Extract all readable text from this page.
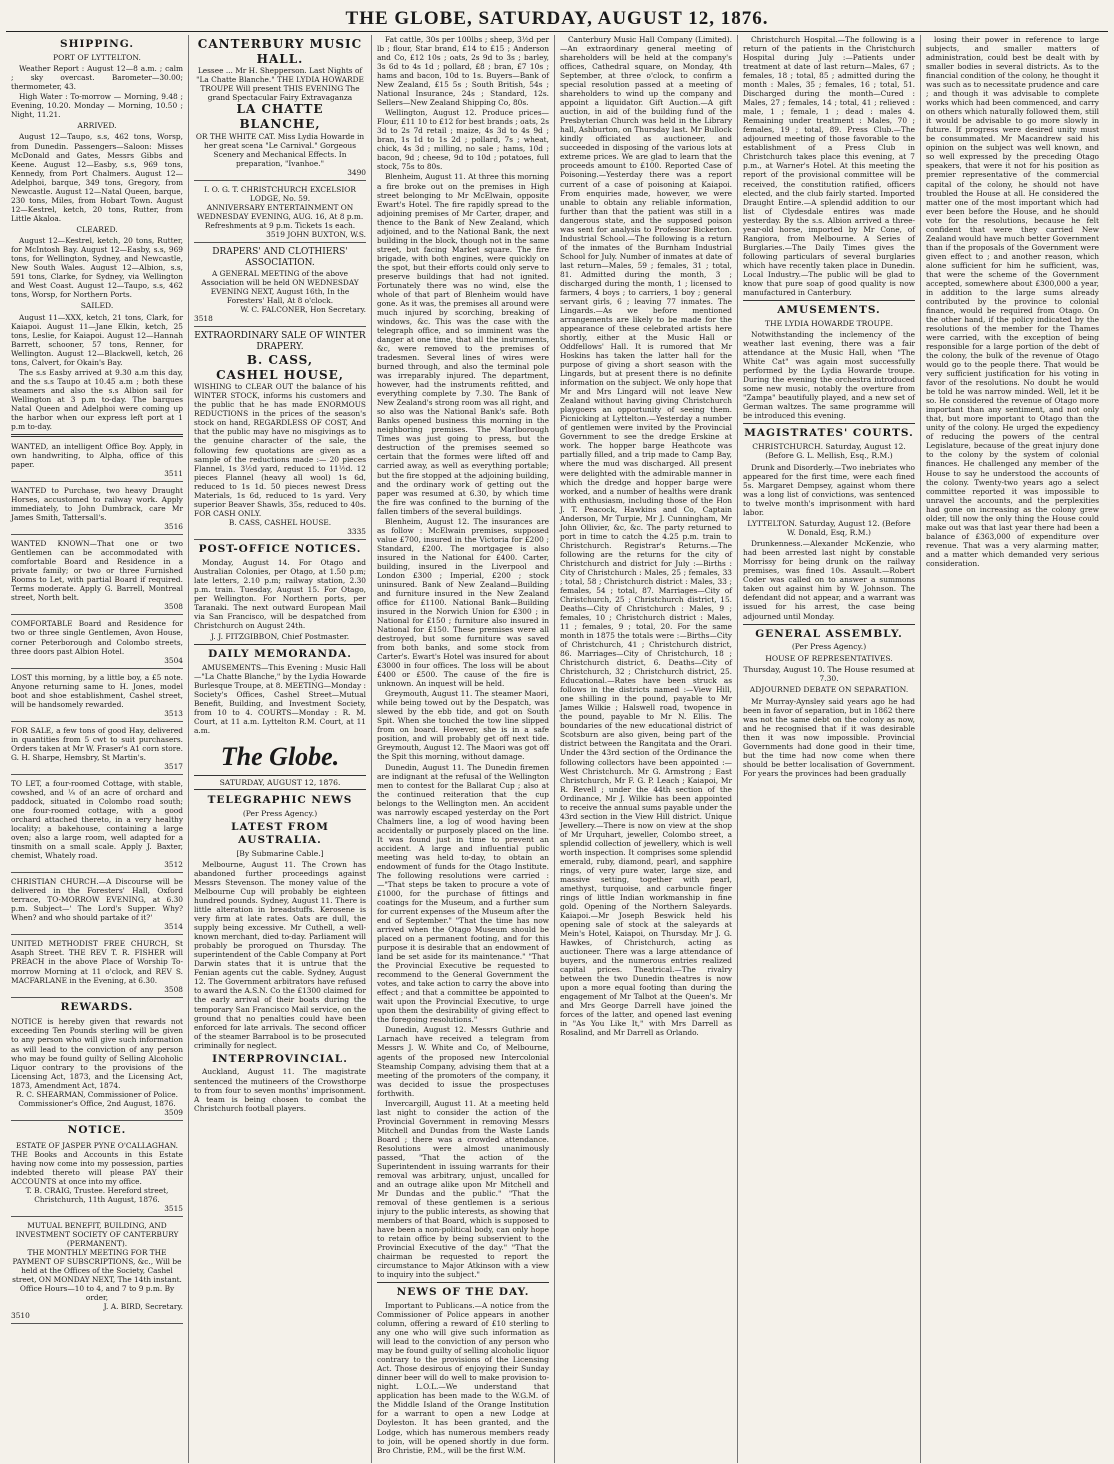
THE GLOBE, SATURDAY, AUGUST 12, 1876.
SHIPPING.
PORT OF LYTTELTON.

Weather Report : August 12—8 a.m. ; calm ; sky overcast. Barometer—30.00; thermometer, 43.

High Water : To-morrow — Morning, 9.48 ; Evening, 10.20. Monday — Morning, 10.50 ; Night, 11.21.

ARRIVED.

August 12—Taupo, s.s, 462 tons, Worsp, from Dunedin. Passengers—Saloon: Misses McDonald and Gates, Messrs Gibbs and Keene. August 12—Easby, s.s, 969 tons, Kennedy, from Port Chalmers. August 12—Adelphoi, barque, 349 tons, Gregory, from Newcastle. August 12—Natal Queen, barque, 230 tons, Miles, from Hobart Town. August 12—Kestrel, ketch, 20 tons, Rutter, from Little Akaloa.

CLEARED.

August 12—Kestrel, ketch, 20 tons, Rutter, for McIntosh Bay. August 12—Easby, s.s, 969 tons, for Wellington, Sydney, and Newcastle, New South Wales. August 12—Albion, s.s, 591 tons, Clarke, for Sydney, via Wellington and West Coast. August 12—Taupo, s.s, 462 tons, Worsp, for Northern Ports.

SAILED.

August 11—XXX, ketch, 21 tons, Clark, for Kaiapoi. August 11—Jane Elkin, ketch, 25 tons, Leslie, for Kaiapoi. August 12—Hannah Barrett, schooner, 57 tons, Renner, for Wellington. August 12—Blackwell, ketch, 26 tons, Calvert, for Okain's Bay.

The s.s Easby arrived at 9.30 a.m this day, and the s.s Taupo at 10.45 a.m ; both these steamers and also the s.s Albion sail for Wellington at 3 p.m to-day. The barques Natal Queen and Adelphoi were coming up the harbor when our express left port at 1 p.m to-day.

WANTED, an intelligent Office Boy. Apply, in own handwriting, to Alpha, office of this paper.
3511
WANTED to Purchase, two heavy Draught Horses, accustomed to railway work. Apply immediately, to John Dumbrack, care Mr James Smith, Tattersall's.
3516
WANTED KNOWN—That one or two Gentlemen can be accommodated with comfortable Board and Residence in a private family; or two or three Furnished Rooms to Let, with partial Board if required. Terms moderate. Apply G. Barrell, Montreal street, North belt.
3508
COMFORTABLE Board and Residence for two or three single Gentlemen, Avon House, corner Peterborough and Colombo streets, three doors past Albion Hotel.
3504
LOST this morning, by a little boy, a £5 note. Anyone returning same to H. Jones, model boot and shoe establishment, Cashel street, will be handsomely rewarded.
3513
FOR SALE, a few tons of good Hay, delivered in quantities from 5 cwt to suit purchasers. Orders taken at Mr W. Fraser's A1 corn store. G. H. Sharpe, Hemsbry, St Martin's.
3517
TO LET, a four-roomed Cottage, with stable, cowshed, and ¼ of an acre of orchard and paddock, situated in Colombo road south; one four-roomed cottage, with a good orchard attached thereto, in a very healthy locality; a bakehouse, containing a large oven; also a large room, well adapted for a tinsmith on a small scale. Apply J. Baxter, chemist, Whately road.
3512
CHRISTIAN CHURCH.—A Discourse will be delivered in the Foresters' Hall, Oxford terrace, TO-MORROW EVENING, at 6.30 p.m. Subject—' The Lord's Supper. Why? When? and who should partake of it?'
3514
UNITED METHODIST FREE CHURCH, St Asaph Street. THE REV T. R. FISHER will PREACH in the above Place of Worship To-morrow Morning at 11 o'clock, and REV S. MACFARLANE in the Evening, at 6.30.
3508
REWARDS.
NOTICE is hereby given that rewards not exceeding Ten Pounds sterling will be given to any person who will give such information as will lead to the conviction of any person who may be found guilty of Selling Alcoholic Liquor contrary to the provisions of the Licensing Act, 1873, and the Licensing Act, 1873, Amendment Act, 1874.
R. C. SHEARMAN, Commissioner of Police. Commissioner's Office, 2nd August, 1876.
3509
NOTICE.
ESTATE OF JASPER PYNE O'CALLAGHAN.
THE Books and Accounts in this Estate having now come into my possession, parties indebted thereto will please PAY their ACCOUNTS at once into my office.
T. B. CRAIG, Trustee. Hereford street, Christchurch, 11th August, 1876.
3515
MUTUAL BENEFIT, BUILDING, AND INVESTMENT SOCIETY OF CANTERBURY (PERMANENT).
THE MONTHLY MEETING FOR THE PAYMENT OF SUBSCRIPTIONS, &c., Will be held at the Offices of the Society, Cashel street, ON MONDAY NEXT, The 14th instant. Office Hours—10 to 4, and 7 to 9 p.m. By order,
J. A. BIRD, Secretary.
3510
CANTERBURY MUSIC HALL.
Lessee ... Mr H. Shepperson. Last Nights of "La Chatte Blanche." THE LYDIA HOWARDE TROUPE Will present THIS EVENING The grand Spectacular Fairy Extravaganza
LA CHATTE BLANCHE,
OR THE WHITE CAT. Miss Lydia Howarde in her great scena "Le Carnival." Gorgeous Scenery and Mechanical Effects. In preparation, "Ivanhoe."
3490
I. O. G. T. CHRISTCHURCH EXCELSIOR LODGE, No. 59.
ANNIVERSARY ENTERTAINMENT ON WEDNESDAY EVENING, AUG. 16, At 8 p.m. Refreshments at 9 p.m. Tickets 1s each.
3519 JOHN BUXTON, W.S.
DRAPERS' AND CLOTHIERS' ASSOCIATION.
A GENERAL MEETING of the above Association will be held ON WEDNESDAY EVENING NEXT, August 16th, In the Foresters' Hall, At 8 o'clock.
W. C. FALCONER, Hon Secretary.
3518
EXTRAORDINARY SALE OF WINTER DRAPERY.
B. CASS,
CASHEL HOUSE,
WISHING to CLEAR OUT the balance of his WINTER STOCK, informs his customers and the public that he has made ENORMOUS REDUCTIONS in the prices of the season's stock on hand, REGARDLESS OF COST, And that the public may have no misgivings as to the genuine character of the sale, the following few quotations are given as a sample of the reductions made :— 20 pieces Flannel, 1s 3½d yard, reduced to 11½d. 12 pieces Flannel (heavy all wool) 1s 6d, reduced to 1s 1d. 50 pieces newest Dress Materials, 1s 6d, reduced to 1s yard. Very superior Beaver Shawls, 35s, reduced to 40s. FOR CASH ONLY.
B. CASS, CASHEL HOUSE.
3335
POST-OFFICE NOTICES.

Monday, August 14. For Otago and Australian Colonies, per Otago, at 1.50 p.m; late letters, 2.10 p.m; railway station, 2.30 p.m. train. Tuesday, August 15. For Otago, per Wellington. For Northern ports, per Taranaki. The next outward European Mail via San Francisco, will be despatched from Christchurch on August 24th.

J. J. FITZGIBBON, Chief Postmaster.
DAILY MEMORANDA.

AMUSEMENTS—This Evening : Music Hall—"La Chatte Blanche," by the Lydia Howarde Burlesque Troupe, at 8. MEETING—Monday : Society's Offices, Cashel Street—Mutual Benefit, Building, and Investment Society, from 10 to 4. COURTS—Monday : R. M. Court, at 11 a.m. Lyttelton R.M. Court, at 11 a.m.

The Globe.
SATURDAY, AUGUST 12, 1876.
TELEGRAPHIC NEWS
(Per Press Agency.)
LATEST FROM AUSTRALIA.
[By Submarine Cable.]

Melbourne, August 11. The Crown has abandoned further proceedings against Messrs Stevenson. The money value of the Melbourne Cup will probably be eighteen hundred pounds. Sydney, August 11. There is little alteration in breadstuffs. Kerosene is very firm at late rates. Oats are dull, the supply being excessive. Mr Cuthell, a well-known merchant, died to-day. Parliament will probably be prorogued on Thursday. The superintendent of the Cable Company at Port Darwin states that it is untrue that the Fenian agents cut the cable. Sydney, August 12. The Government arbitrators have refused to award the A.S.N. Co the £1300 claimed for the early arrival of their boats during the temporary San Francisco Mail service, on the ground that no penalties could have been enforced for late arrivals. The second officer of the steamer Barrabool is to be prosecuted criminally for neglect.

INTERPROVINCIAL.

Auckland, August 11. The magistrate sentenced the mutineers of the Crowsthorpe to from four to seven months' imprisonment. A team is being chosen to combat the Christchurch football players.

Fat cattle, 30s per 100lbs ; sheep, 3½d per lb ; flour, Star brand, £14 to £15 ; Anderson and Co, £12 10s ; oats, 2s 9d to 3s ; barley, 3s 6d to 4s 1d ; pollard, £8 ; bran, £7 10s ; hams and bacon, 10d to 1s. Buyers—Bank of New Zealand, £15 5s ; South British, 54s ; National Insurance, 24s ; Standard, 12s. Sellers—New Zealand Shipping Co, 80s.

Wellington, August 12. Produce prices—Flour, £11 10 to £12 for best brands ; oats, 2s 3d to 2s 7d retail ; maize, 4s 3d to 4s 9d ; bran, 1s 1d to 1s 2d ; pollard, 7s ; wheat, chick, 4s 3d ; milling, no sale ; hams, 10d ; bacon, 9d ; cheese, 9d to 10d ; potatoes, full stock, 75s to 80s.

Blenheim, August 11. At three this morning a fire broke out on the premises in High street belonging to Mr McElwain, opposite Ewart's Hotel. The fire rapidly spread to the adjoining premises of Mr Carter, draper, and thence to the Bank of New Zealand, which adjoined, and to the National Bank, the next building in the block, though not in the same street, but facing Market square. The fire brigade, with both engines, were quickly on the spot, but their efforts could only serve to preserve buildings that had not ignited. Fortunately there was no wind, else the whole of that part of Blenheim would have gone. As it was, the premises all around were much injured by scorching, breaking of windows, &c. This was the case with the telegraph office, and so imminent was the danger at one time, that all the instruments, &c, were removed to the premises of tradesmen. Several lines of wires were burned through, and also the terminal pole was irreparably injured. The department, however, had the instruments refitted, and everything complete by 7.30. The Bank of New Zealand's strong room was all right, and so also was the National Bank's safe. Both Banks opened business this morning in the neighboring premises. The Marlborough Times was just going to press, but the destruction of the premises seemed so certain that the formes were lifted off and carried away, as well as everything portable; but the fire stopped at the adjoining building, and the ordinary work of getting out the paper was resumed at 6.30, by which time the fire was confined to the burning of the fallen timbers of the several buildings.

Blenheim, August 12. The insurances are as follow : McElwain premises, supposed value £700, insured in the Victoria for £200 ; Standard, £200. The mortgagee is also insured in the National for £400. Carter, building, insured in the Liverpool and London £300 ; Imperial, £200 ; stock uninsured. Bank of New Zealand—Building and furniture insured in the New Zealand office for £1100. National Bank—Building insured in the Norwich Union for £300 ; in National for £150 ; furniture also insured in National for £150. These premises were all destroyed, but some furniture was saved from both banks, and some stock from Carter's. Ewart's Hotel was insured for about £3000 in four offices. The loss will be about £400 or £500. The cause of the fire is unknown. An inquest will be held.

Greymouth, August 11. The steamer Maori, while being towed out by the Despatch, was slewed by the ebb tide, and got on South Spit. When she touched the tow line slipped from on board. However, she is in a safe position, and will probably get off next tide. Greymouth, August 12. The Maori was got off the Spit this morning, without damage.

Dunedin, August 11. The Dunedin firemen are indignant at the refusal of the Wellington men to contest for the Ballarat Cup ; also at the continued reiteration that the cup belongs to the Wellington men. An accident was narrowly escaped yesterday on the Port Chalmers line, a log of wood having been accidentally or purposely placed on the line. It was found just in time to prevent an accident. A large and influential public meeting was held to-day, to obtain an endowment of funds for the Otago Institute. The following resolutions were carried :—"That steps be taken to procure a vote of £1000, for the purchase of fittings and coatings for the Museum, and a further sum for current expenses of the Museum after the end of September." "That the time has now arrived when the Otago Museum should be placed on a permanent footing, and for this purpose it is desirable that an endowment of land be set aside for its maintenance." "That the Provincial Executive be requested to recommend to the General Government the votes, and take action to carry the above into effect ; and that a committee be appointed to wait upon the Provincial Executive, to urge upon them the desirability of giving effect to the foregoing resolutions."

Dunedin, August 12. Messrs Guthrie and Larnach have received a telegram from Messrs J. W. White and Co, of Melbourne, agents of the proposed new Intercolonial Steamship Company, advising them that at a meeting of the promoters of the company, it was decided to issue the prospectuses forthwith.

Invercargill, August 11. At a meeting held last night to consider the action of the Provincial Government in removing Messrs Mitchell and Dundas from the Waste Lands Board ; there was a crowded attendance. Resolutions were almost unanimously passed, "That the action of the Superintendent in issuing warrants for their removal was arbitrary, unjust, uncalled for and an outrage alike upon Mr Mitchell and Mr Dundas and the public." "That the removal of these gentlemen is a serious injury to the public interests, as showing that members of that Board, which is supposed to have been a non-political body, can only hope to retain office by being subservient to the Provincial Executive of the day." "That the chairman be requested to report the circumstance to Major Atkinson with a view to inquiry into the subject."

NEWS OF THE DAY.

Important to Publicans.—A notice from the Commissioner of Police appears in another column, offering a reward of £10 sterling to any one who will give such information as will lead to the conviction of any person who may be found guilty of selling alcoholic liquor contrary to the provisions of the Licensing Act. Those desirous of enjoying their Sunday dinner beer will do well to make provision to-night. L.O.L.—We understand that application has been made to the W.G.M. of the Middle Island of the Orange Institution for a warrant to open a new Lodge at Doyleston. It has been granted, and the Lodge, which has numerous members ready to join, will be opened shortly in due form. Bro Christie, P.M., will be the first W.M.

Canterbury Music Hall Company (Limited).—An extraordinary general meeting of shareholders will be held at the company's offices, Cathedral square, on Monday, 4th September, at three o'clock, to confirm a special resolution passed at a meeting of shareholders to wind up the company and appoint a liquidator. Gift Auction.—A gift auction, in aid of the building fund of the Presbyterian Church was held in the Library hall, Ashburton, on Thursday last. Mr Bullock kindly officiated as auctioneer, and succeeded in disposing of the various lots at extreme prices. We are glad to learn that the proceeds amount to £100. Reported Case of Poisoning.—Yesterday there was a report current of a case of poisoning at Kaiapoi. From enquiries made, however, we were unable to obtain any reliable information, further than that the patient was still in a dangerous state, and the supposed poison was sent for analysis to Professor Bickerton. Industrial School.—The following is a return of the inmates of the Burnham Industrial School for July. Number of inmates at date of last return—Males, 59 ; females, 31 ; total, 81. Admitted during the month, 3 ; discharged during the month, 1 ; licensed to farmers, 4 boys ; to carriers, 1 boy ; general servant girls, 6 ; leaving 77 inmates. The Lingards.—As we before mentioned arrangements are likely to be made for the appearance of these celebrated artists here shortly, either at the Music Hall or Oddfellows' Hall. It is rumored that Mr Hoskins has taken the latter hall for the purpose of giving a short season with the Lingards, but at present there is no definite information on the subject. We only hope that Mr and Mrs Lingard will not leave New Zealand without having giving Christchurch playgoers an opportunity of seeing them. Picnicking at Lyttelton.—Yesterday a number of gentlemen were invited by the Provincial Government to see the dredge Erskine at work. The hopper barge Heathcote was partially filled, and a trip made to Camp Bay, where the mud was discharged. All present were delighted with the admirable manner in which the dredge and hopper barge were worked, and a number of healths were drank with enthusiasm, including those of the Hon J. T. Peacock, Hawkins and Co, Captain Anderson, Mr Turpie, Mr J. Cunningham, Mr John Ollivier, &c, &c. The party returned to port in time to catch the 4.25 p.m. train to Christchurch. Registrar's Returns.—The following are the returns for the city of Christchurch and district for July :—Births : City of Christchurch : Males, 25 ; females, 33 ; total, 58 ; Christchurch district : Males, 33 ; females, 54 ; total, 87. Marriages—City of Christchurch, 25 ; Christchurch district, 15. Deaths—City of Christchurch : Males, 9 ; females, 10 ; Christchurch district : Males, 11 ; females, 9 ; total, 20. For the same month in 1875 the totals were :—Births—City of Christchurch, 41 ; Christchurch district, 86. Marriages—City of Christchurch, 18 ; Christchurch district, 6. Deaths—City of Christchurch, 32 ; Christchurch district, 25. Educational.—Rates have been struck as follows in the districts named :—View Hill, one shilling in the pound, payable to Mr James Wilkie ; Halswell road, twopence in the pound, payable to Mr N. Ellis. The boundaries of the new educational district of Scotsburn are also given, being part of the district between the Rangitata and the Orari. Under the 43rd section of the Ordinance the following collectors have been appointed :—West Christchurch. Mr G. Armstrong ; East Christchurch, Mr F. G. P. Leach ; Kaiapoi, Mr R. Revell ; under the 44th section of the Ordinance, Mr J. Wilkie has been appointed to receive the annual sums payable under the 43rd section in the View Hill district. Unique Jewellery.—There is now on view at the shop of Mr Urquhart, jeweller, Colombo street, a splendid collection of jewellery, which is well worth inspection. It comprises some splendid emerald, ruby, diamond, pearl, and sapphire rings, of very pure water, large size, and massive setting, together with pearl, amethyst, turquoise, and carbuncle finger rings of little Indian workmanship in fine gold. Opening of the Northern Saleyards. Kaiapoi.—Mr Joseph Beswick held his opening sale of stock at the saleyards at Mein's Hotel, Kaiapoi, on Thursday. Mr J. G. Hawkes, of Christchurch, acting as auctioneer. There was a large attendance of buyers, and the numerous entries realized capital prices. Theatrical.—The rivalry between the two Dunedin theatres is now upon a more equal footing than during the engagement of Mr Talbot at the Queen's. Mr and Mrs George Darrell have joined the forces of the latter, and opened last evening in "As You Like It," with Mrs Darrell as Rosalind, and Mr Darrell as Orlando.

Christchurch Hospital.—The following is a return of the patients in the Christchurch Hospital during July :—Patients under treatment at date of last return—Males, 67 ; females, 18 ; total, 85 ; admitted during the month : Males, 35 ; females, 16 ; total, 51. Discharged during the month—Cured : Males, 27 ; females, 14 ; total, 41 ; relieved : male, 1 ; female, 1 ; dead : males 4. Remaining under treatment : Males, 70 ; females, 19 ; total, 89. Press Club.—The adjourned meeting of those favorable to the establishment of a Press Club in Christchurch takes place this evening, at 7 p.m., at Warner's Hotel. At this meeting the report of the provisional committee will be received, the constitution ratified, officers elected, and the club fairly started. Imported Draught Entire.—A splendid addition to our list of Clydesdale entires was made yesterday. By the s.s. Albion arrived a three-year-old horse, imported by Mr Cone, of Rangiora, from Melbourne. A Series of Burglaries.—The Daily Times gives the following particulars of several burglaries which have recently taken place in Dunedin. Local Industry.—The public will be glad to know that pure soap of good quality is now manufactured in Canterbury.

AMUSEMENTS.
THE LYDIA HOWARDE TROUPE.

Notwithstanding the inclemency of the weather last evening, there was a fair attendance at the Music Hall, when "The White Cat" was again most successfully performed by the Lydia Howarde troupe. During the evening the orchestra introduced some new music, notably the overture from "Zampa" beautifully played, and a new set of German waltzes. The same programme will be introduced this evening.

MAGISTRATES' COURTS.
CHRISTCHURCH. Saturday, August 12. (Before G. L. Mellish, Esq., R.M.)

Drunk and Disorderly.—Two inebriates who appeared for the first time, were each fined 5s. Margaret Dempsey, against whom there was a long list of convictions, was sentenced to twelve month's imprisonment with hard labor.

LYTTELTON. Saturday, August 12. (Before W. Donald, Esq, R.M.)

Drunkenness.—Alexander McKenzie, who had been arrested last night by constable Morrissy for being drunk on the railway premises, was fined 10s. Assault.—Robert Coder was called on to answer a summons taken out against him by W. Johnson. The defendant did not appear, and a warrant was issued for his arrest, the case being adjourned until Monday.

GENERAL ASSEMBLY.
(Per Press Agency.)
HOUSE OF REPRESENTATIVES.
Thursday, August 10. The House resumed at 7.30.
ADJOURNED DEBATE ON SEPARATION.

Mr Murray-Aynsley said years ago he had been in favor of separation, but in 1862 there was not the same debt on the colony as now, and he recognised that if it was desirable then it was now impossible. Provincial Governments had done good in their time, but the time had now come when there should be better localisation of Government. For years the provinces had been gradually

losing their power in reference to large subjects, and smaller matters of administration, could best be dealt with by smaller bodies in several districts. As to the financial condition of the colony, he thought it was such as to necessitate prudence and care ; and though it was advisable to complete works which had been commenced, and carry on others which naturally followed them, still it would be advisable to go more slowly in future. If progress were desired unity must be consummated. Mr Macandrew said his opinion on the subject was well known, and so well expressed by the preceding Otago speakers, that were it not for his position as premier representative of the commercial capital of the colony, he should not have troubled the House at all. He considered the matter one of the most important which had ever been before the House, and he should vote for the resolutions, because he felt confident that were they carried New Zealand would have much better Government than if the proposals of the Government were given effect to ; and another reason, which alone sufficient for him he sufficient, was, that were the scheme of the Government accepted, somewhere about £300,000 a year, in addition to the large sums already contributed by the province to colonial finance, would be required from Otago. On the other hand, if the policy indicated by the resolutions of the member for the Thames were carried, with the exception of being responsible for a large portion of the debt of the colony, the bulk of the revenue of Otago would go to the people there. That would be very sufficient justification for his voting in favor of the resolutions. No doubt he would be told he was narrow minded. Well, let it be so. He considered the revenue of Otago more important than any sentiment, and not only that, but more important to Otago than the unity of the colony. He urged the expediency of reducing the powers of the central Legislature, because of the great injury done to the colony by the system of colonial finances. He challenged any member of the House to say he understood the accounts of the colony. Twenty-two years ago a select committee reported it was impossible to unravel the accounts, and the perplexities had gone on increasing as the colony grew older, till now the only thing the House could make out was that last year there had been a balance of £363,000 of expenditure over revenue. That was a very alarming matter, and a matter which demanded very serious consideration.
